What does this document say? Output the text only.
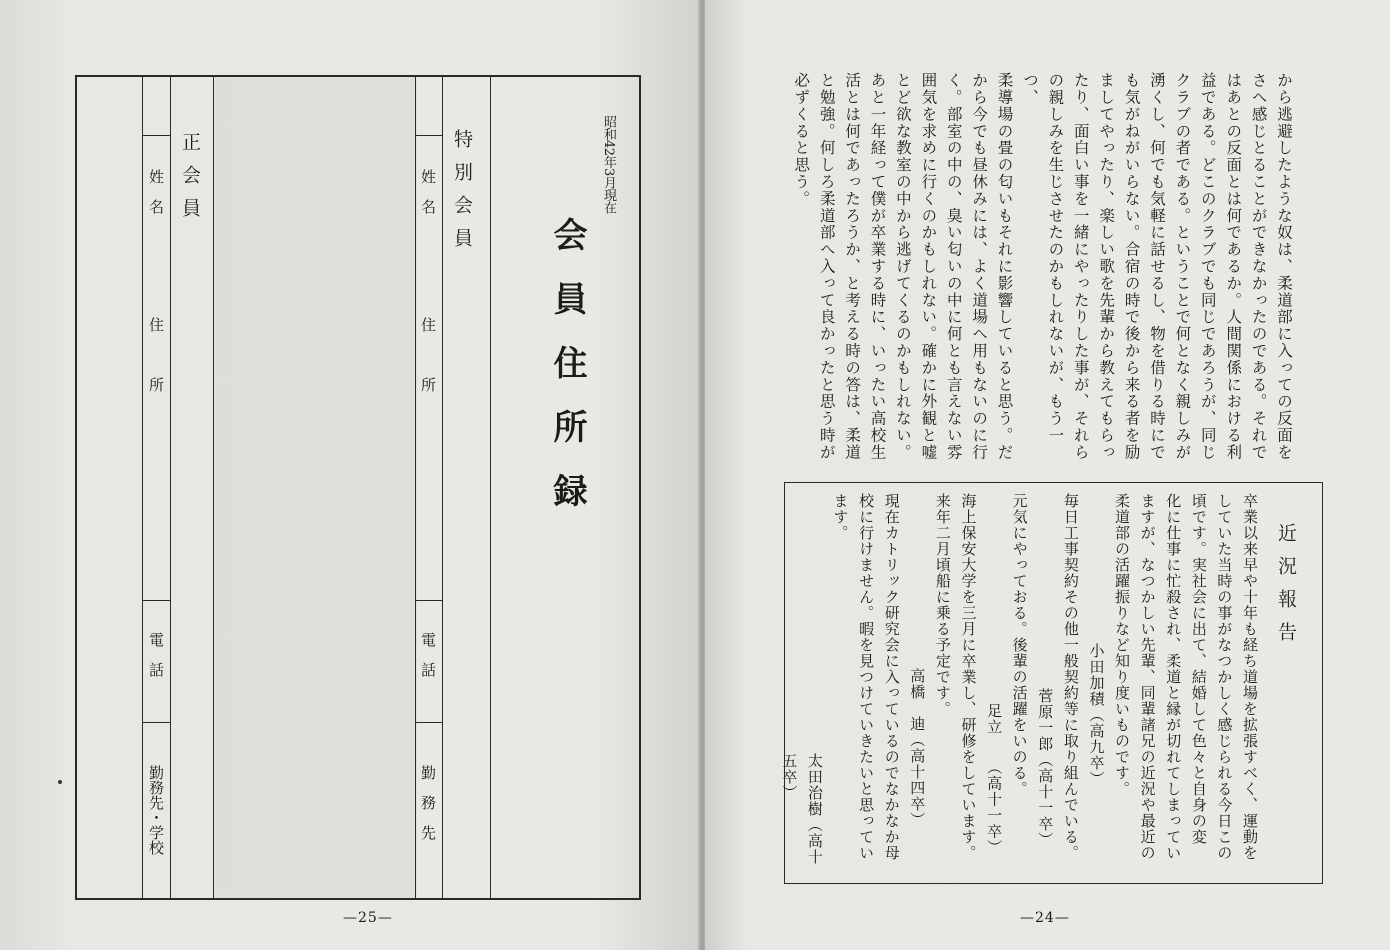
正会員
姓　名
住　　　所
電　話
勤務先・学校
特別会員
姓　名
住　　　所
電　話
勤　務　先
昭和42年3月現在
会員住所録
—25—	—24—

から逃避したような奴は、柔道部に入っての反面を

さへ感じとることができなかったのである。それで

はあとの反面とは何であるか。人間関係における利

益である。どこのクラブでも同じであろうが、同じ

クラブの者である。ということで何となく親しみが

湧くし、何でも気軽に話せるし、物を借りる時にで

も気がねがいらない。合宿の時で後から来る者を励

ましてやったり、楽しい歌を先輩から教えてもらっ

たり、面白い事を一緒にやったりした事が、それら

の親しみを生じさせたのかもしれないが、もう一つ、

柔導場の畳の匂いもそれに影響していると思う。だ

から今でも昼休みには、よく道場へ用もないのに行

く。部室の中の、臭い匂いの中に何とも言えない雰

囲気を求めに行くのかもしれない。確かに外観と嘘

とど欲な教室の中から逃げてくるのかもしれない。

あと一年経って僕が卒業する時に、いったい高校生

活とは何であったろうか、と考える時の答は、柔道

と勉強。何しろ柔道部へ入って良かったと思う時が

必ずくると思う。

近況報告

卒業以来早や十年も経ち道場を拡張すべく、運動を

していた当時の事がなつかしく感じられる今日この

頃です。実社会に出て、結婚して色々と自身の変

化に仕事に忙殺され、柔道と縁が切れてしまってい

ますが、なつかしい先輩、同輩諸兄の近況や最近の

柔道部の活躍振りなど知り度いものです。

小田加積（高九卒）

毎日工事契約その他一般契約等に取り組んでいる。

菅原一郎（高十一卒）

元気にやっておる。後輩の活躍をいのる。

足立　　（高十一卒）

海上保安大学を三月に卒業し、研修をしています。

来年二月頃船に乗る予定です。

高橋　迪（高十四卒）

現在カトリック研究会に入っているのでなかなか母

校に行けません。暇を見つけていきたいと思ってい

ます。

太田治樹（高十五卒）
